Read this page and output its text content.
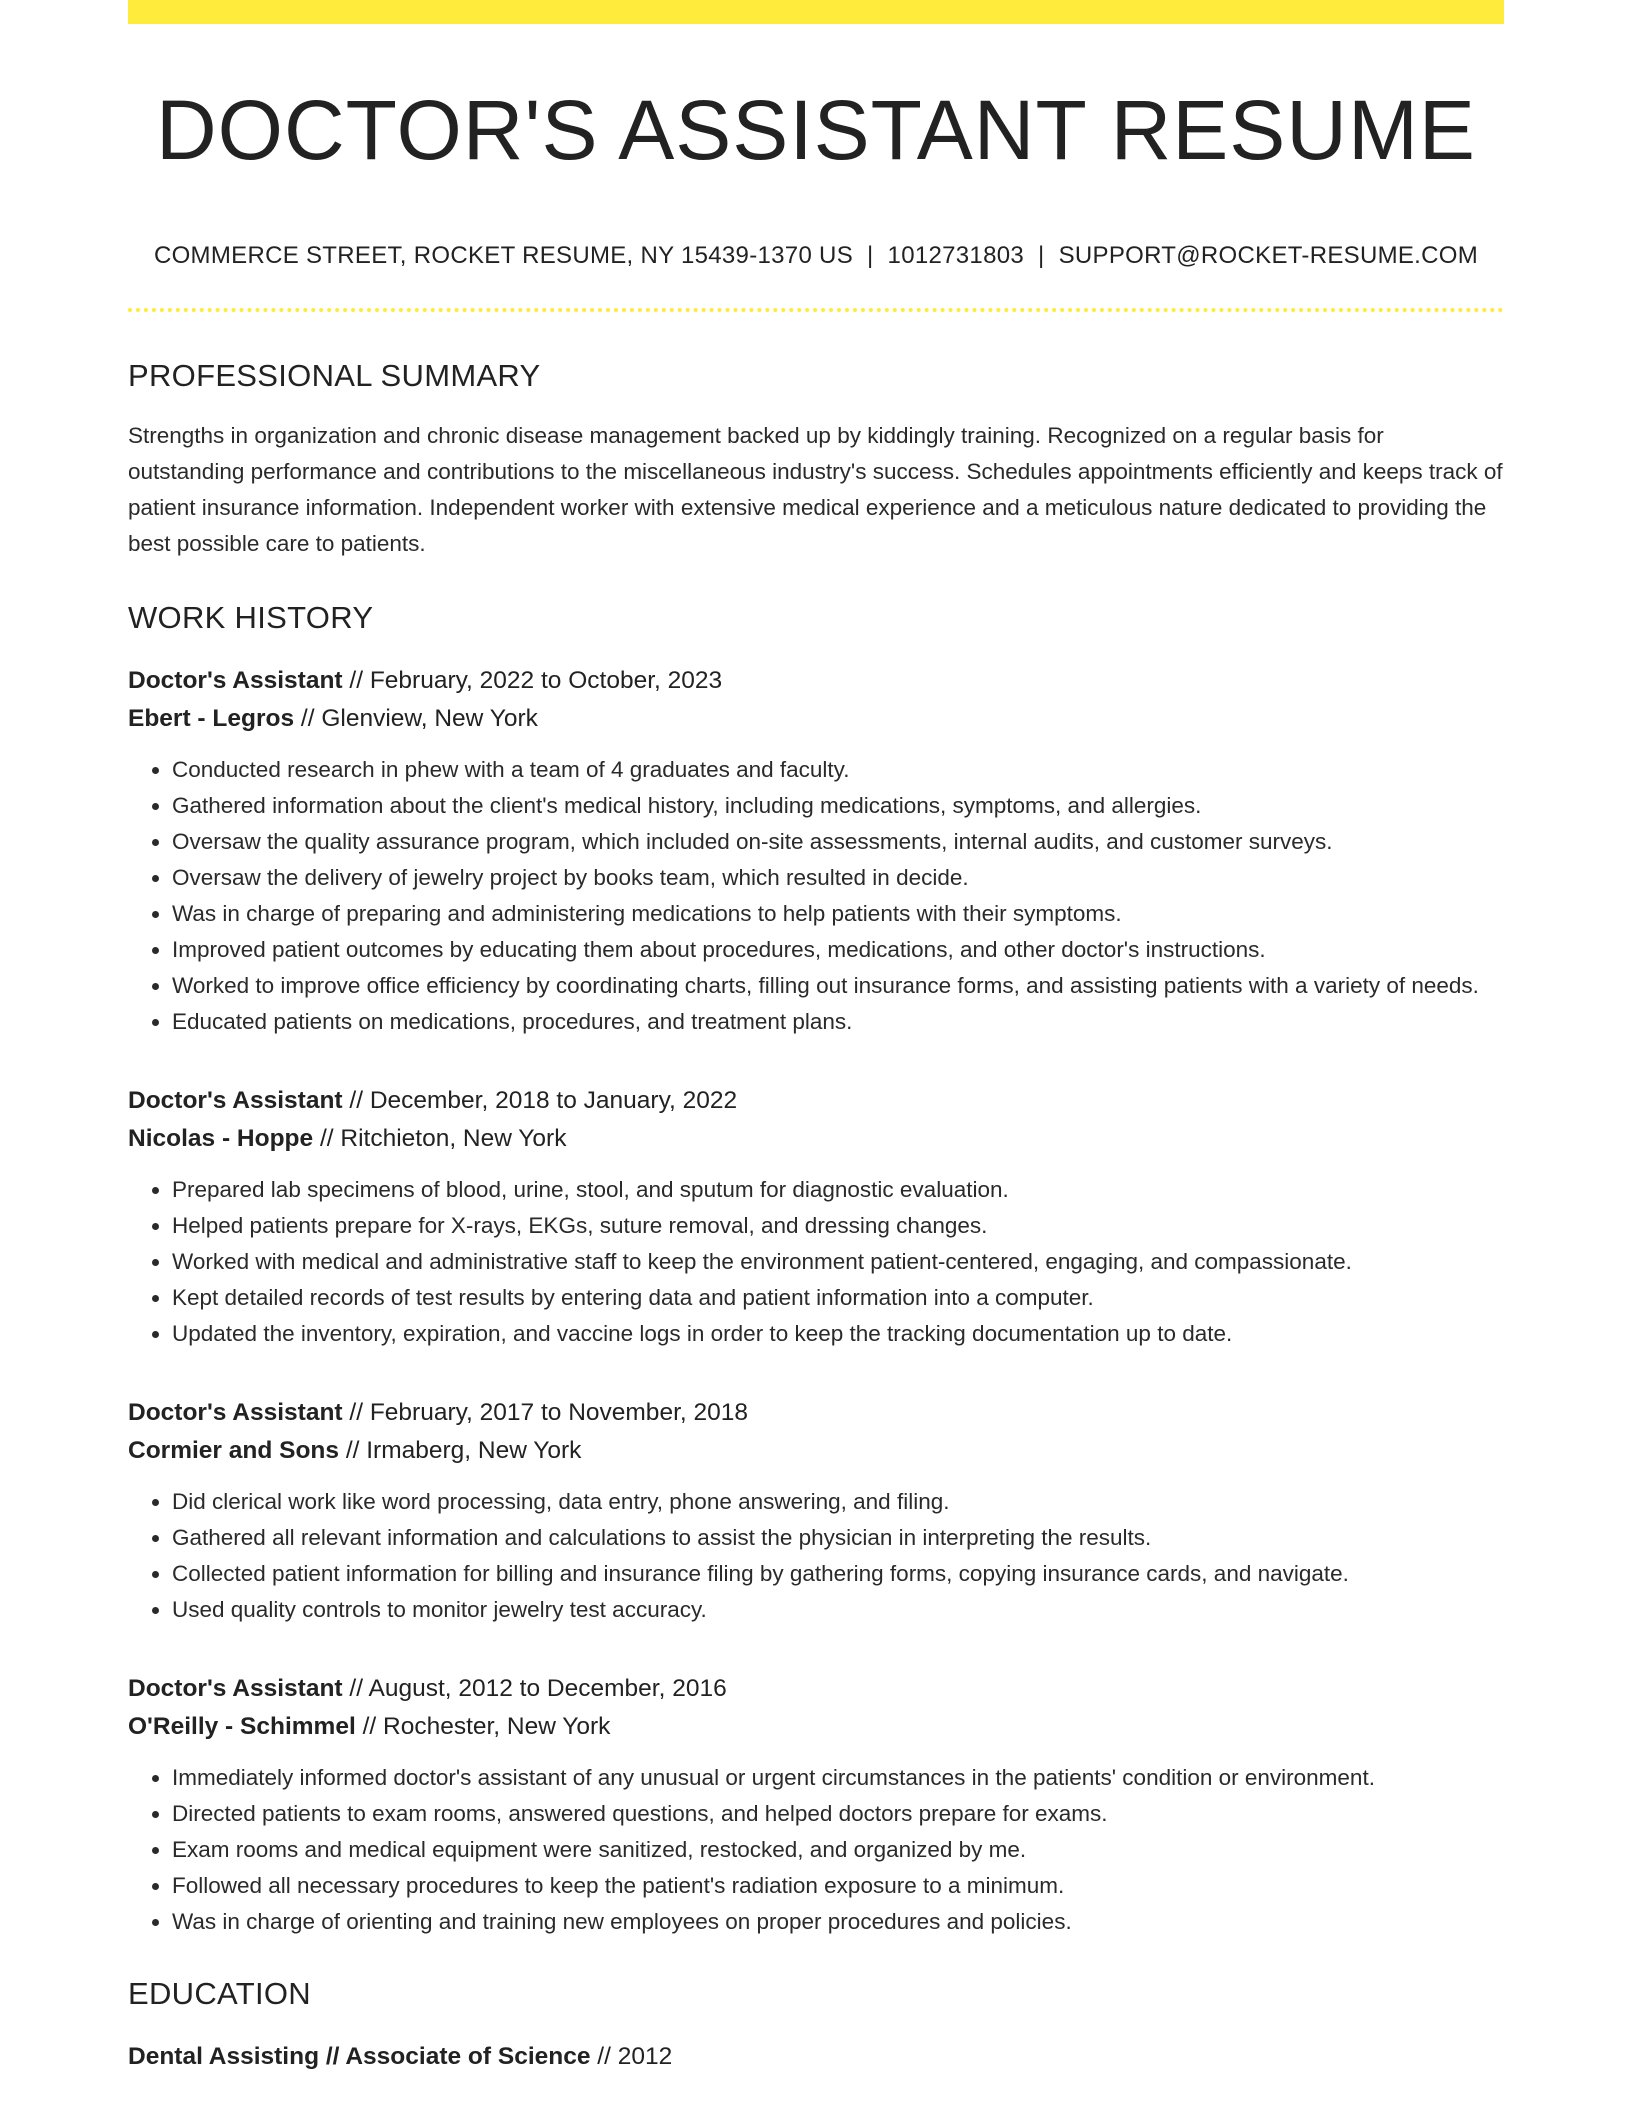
DOCTOR'S ASSISTANT RESUME
COMMERCE STREET, ROCKET RESUME, NY 15439-1370 US | 1012731803 | SUPPORT@ROCKET-RESUME.COM
PROFESSIONAL SUMMARY
Strengths in organization and chronic disease management backed up by kiddingly training. Recognized on a regular basis for outstanding performance and contributions to the miscellaneous industry's success. Schedules appointments efficiently and keeps track of patient insurance information. Independent worker with extensive medical experience and a meticulous nature dedicated to providing the best possible care to patients.
WORK HISTORY
Doctor's Assistant // February, 2022 to October, 2023
Ebert - Legros // Glenview, New York
• Conducted research in phew with a team of 4 graduates and faculty.
• Gathered information about the client's medical history, including medications, symptoms, and allergies.
• Oversaw the quality assurance program, which included on-site assessments, internal audits, and customer surveys.
• Oversaw the delivery of jewelry project by books team, which resulted in decide.
• Was in charge of preparing and administering medications to help patients with their symptoms.
• Improved patient outcomes by educating them about procedures, medications, and other doctor's instructions.
• Worked to improve office efficiency by coordinating charts, filling out insurance forms, and assisting patients with a variety of needs.
• Educated patients on medications, procedures, and treatment plans.
Doctor's Assistant // December, 2018 to January, 2022
Nicolas - Hoppe // Ritchieton, New York
• Prepared lab specimens of blood, urine, stool, and sputum for diagnostic evaluation.
• Helped patients prepare for X-rays, EKGs, suture removal, and dressing changes.
• Worked with medical and administrative staff to keep the environment patient-centered, engaging, and compassionate.
• Kept detailed records of test results by entering data and patient information into a computer.
• Updated the inventory, expiration, and vaccine logs in order to keep the tracking documentation up to date.
Doctor's Assistant // February, 2017 to November, 2018
Cormier and Sons // Irmaberg, New York
• Did clerical work like word processing, data entry, phone answering, and filing.
• Gathered all relevant information and calculations to assist the physician in interpreting the results.
• Collected patient information for billing and insurance filing by gathering forms, copying insurance cards, and navigate.
• Used quality controls to monitor jewelry test accuracy.
Doctor's Assistant // August, 2012 to December, 2016
O'Reilly - Schimmel // Rochester, New York
• Immediately informed doctor's assistant of any unusual or urgent circumstances in the patients' condition or environment.
• Directed patients to exam rooms, answered questions, and helped doctors prepare for exams.
• Exam rooms and medical equipment were sanitized, restocked, and organized by me.
• Followed all necessary procedures to keep the patient's radiation exposure to a minimum.
• Was in charge of orienting and training new employees on proper procedures and policies.
EDUCATION
Dental Assisting // Associate of Science // 2012
